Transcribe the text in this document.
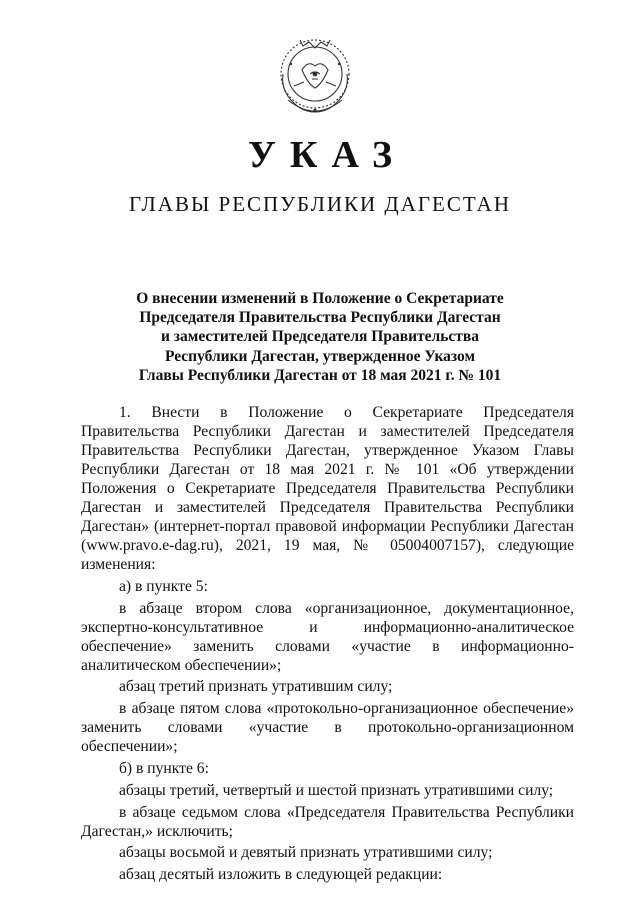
УКАЗ
ГЛАВЫ РЕСПУБЛИКИ ДАГЕСТАН
О внесении изменений в Положение о Секретариате
Председателя Правительства Республики Дагестан
и заместителей Председателя Правительства
Республики Дагестан, утвержденное Указом
Главы Республики Дагестан от 18 мая 2021 г. № 101

1. Внести в Положение о Секретариате Председателя Правительства Республики Дагестан и заместителей Председателя Правительства Республики Дагестан, утвержденное Указом Главы Республики Дагестан от 18 мая 2021 г. № 101 «Об утверждении Положения о Секретариате Председателя Правительства Республики Дагестан и заместителей Председателя Правительства Республики Дагестан» (интернет-портал правовой информации Республики Дагестан (www.pravo.e-dag.ru), 2021, 19 мая, № 05004007157), следующие изменения:

а) в пункте 5:

в абзаце втором слова «организационное, документационное, экспертно-консультативное и информационно-аналитическое обеспечение» заменить словами «участие в информационно-аналитическом обеспечении»;

абзац третий признать утратившим силу;

в абзаце пятом слова «протокольно-организационное обеспечение» заменить словами «участие в протокольно-организационном обеспечении»;

б) в пункте 6:

абзацы третий, четвертый и шестой признать утратившими силу;

в абзаце седьмом слова «Председателя Правительства Республики Дагестан,» исключить;

абзацы восьмой и девятый признать утратившими силу;

абзац десятый изложить в следующей редакции:
